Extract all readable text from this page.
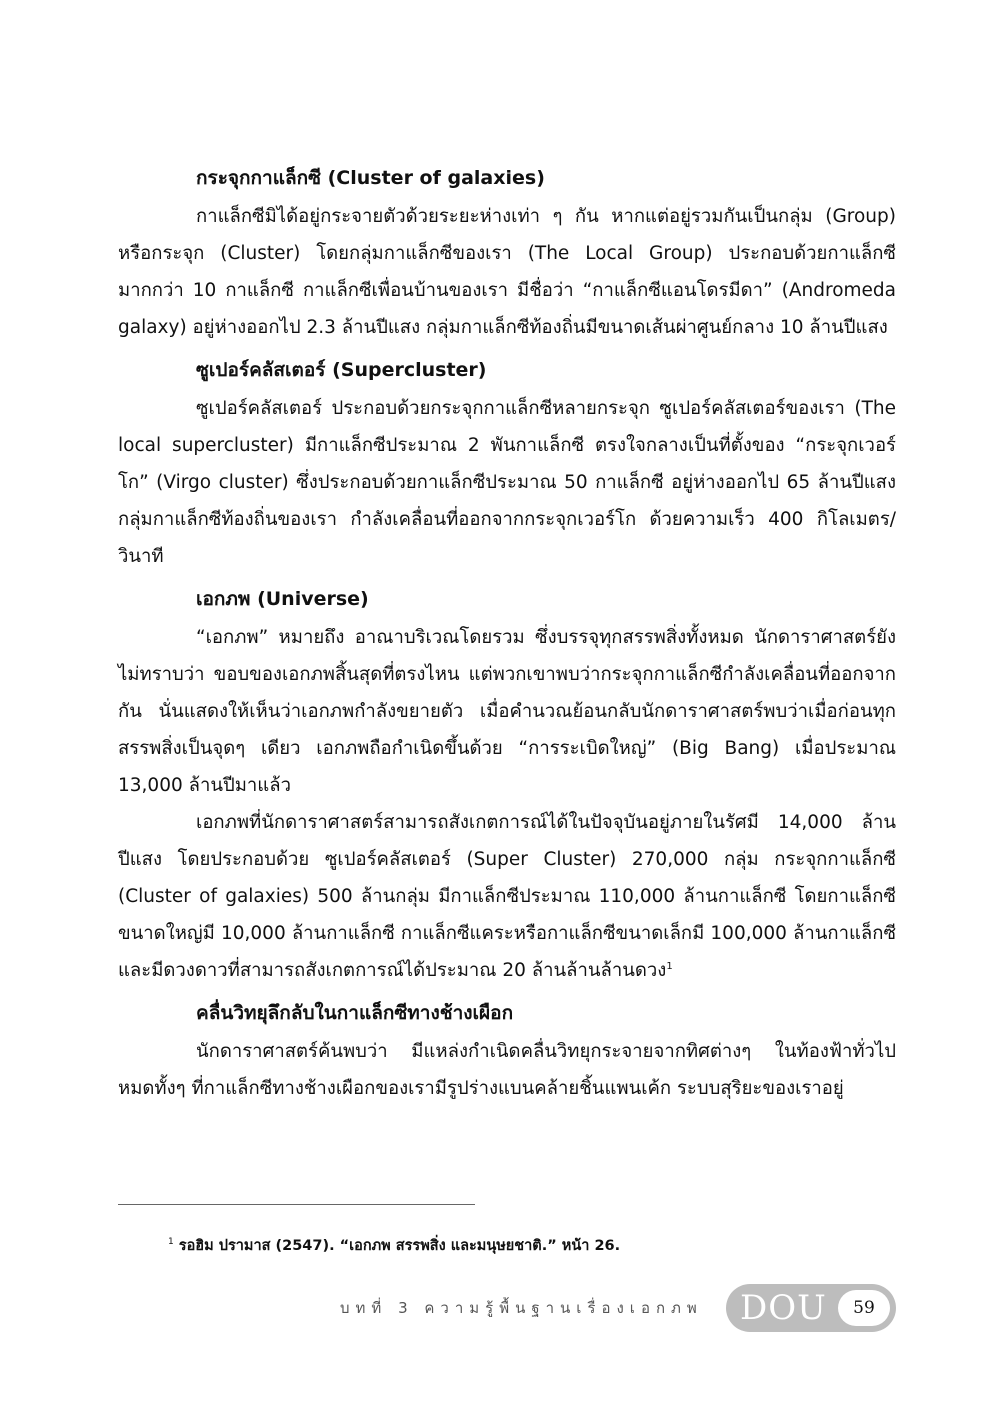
กระจุกกาแล็กซี (Cluster of galaxies)

กาแล็กซีมิได้อยู่กระจายตัวด้วยระยะห่างเท่า ๆ กัน หากแต่อยู่รวมกันเป็นกลุ่ม (Group) หรือกระจุก (Cluster) โดยกลุ่มกาแล็กซีของเรา (The Local Group) ประกอบด้วยกาแล็กซีมากกว่า 10 กาแล็กซี กาแล็กซีเพื่อนบ้านของเรา มีชื่อว่า “กาแล็กซีแอนโดรมีดา” (Andromeda galaxy) อยู่ห่างออกไป 2.3 ล้านปีแสง กลุ่มกาแล็กซีท้องถิ่นมีขนาดเส้นผ่าศูนย์กลาง 10 ล้านปีแสง

ซูเปอร์คลัสเตอร์ (Supercluster)

ซูเปอร์คลัสเตอร์ ประกอบด้วยกระจุกกาแล็กซีหลายกระจุก ซูเปอร์คลัสเตอร์ของเรา (The local supercluster) มีกาแล็กซีประมาณ 2 พันกาแล็กซี ตรงใจกลางเป็นที่ตั้งของ “กระจุกเวอร์โก” (Virgo cluster) ซึ่งประกอบด้วยกาแล็กซีประมาณ 50 กาแล็กซี อยู่ห่างออกไป 65 ล้านปีแสง กลุ่มกาแล็กซีท้องถิ่นของเรา กำลังเคลื่อนที่ออกจากกระจุกเวอร์โก ด้วยความเร็ว 400 กิโลเมตร/วินาที

เอกภพ (Universe)

“เอกภพ” หมายถึง อาณาบริเวณโดยรวม ซึ่งบรรจุทุกสรรพสิ่งทั้งหมด นักดาราศาสตร์ยังไม่ทราบว่า ขอบของเอกภพสิ้นสุดที่ตรงไหน แต่พวกเขาพบว่ากระจุกกาแล็กซีกำลังเคลื่อนที่ออกจากกัน นั่นแสดงให้เห็นว่าเอกภพกำลังขยายตัว เมื่อคำนวณย้อนกลับนักดาราศาสตร์พบว่าเมื่อก่อนทุกสรรพสิ่งเป็นจุดๆ เดียว เอกภพถือกำเนิดขึ้นด้วย “การระเบิดใหญ่” (Big Bang) เมื่อประมาณ 13,000 ล้านปีมาแล้ว

เอกภพที่นักดาราศาสตร์สามารถสังเกตการณ์ได้ในปัจจุบันอยู่ภายในรัศมี 14,000 ล้านปีแสง โดยประกอบด้วย ซูเปอร์คลัสเตอร์ (Super Cluster) 270,000 กลุ่ม กระจุกกาแล็กซี (Cluster of galaxies) 500 ล้านกลุ่ม มีกาแล็กซีประมาณ 110,000 ล้านกาแล็กซี โดยกาแล็กซีขนาดใหญ่มี 10,000 ล้านกาแล็กซี กาแล็กซีแคระหรือกาแล็กซีขนาดเล็กมี 100,000 ล้านกาแล็กซี และมีดวงดาวที่สามารถสังเกตการณ์ได้ประมาณ 20 ล้านล้านล้านดวง$^1$

คลื่นวิทยุลึกลับในกาแล็กซีทางช้างเผือก

นักดาราศาสตร์ค้นพบว่า มีแหล่งกำเนิดคลื่นวิทยุกระจายจากทิศต่างๆ ในท้องฟ้าทั่วไปหมดทั้งๆ ที่กาแล็กซีทางช้างเผือกของเรามีรูปร่างแบนคล้ายชิ้นแพนเค้ก ระบบสุริยะของเราอยู่

$^1$ รอฮิม ปรามาส (2547). “เอกภพ สรรพสิ่ง และมนุษยชาติ.” หน้า 26.
บทที่ 3 ความรู้พื้นฐานเรื่องเอกภพ DOU	59
